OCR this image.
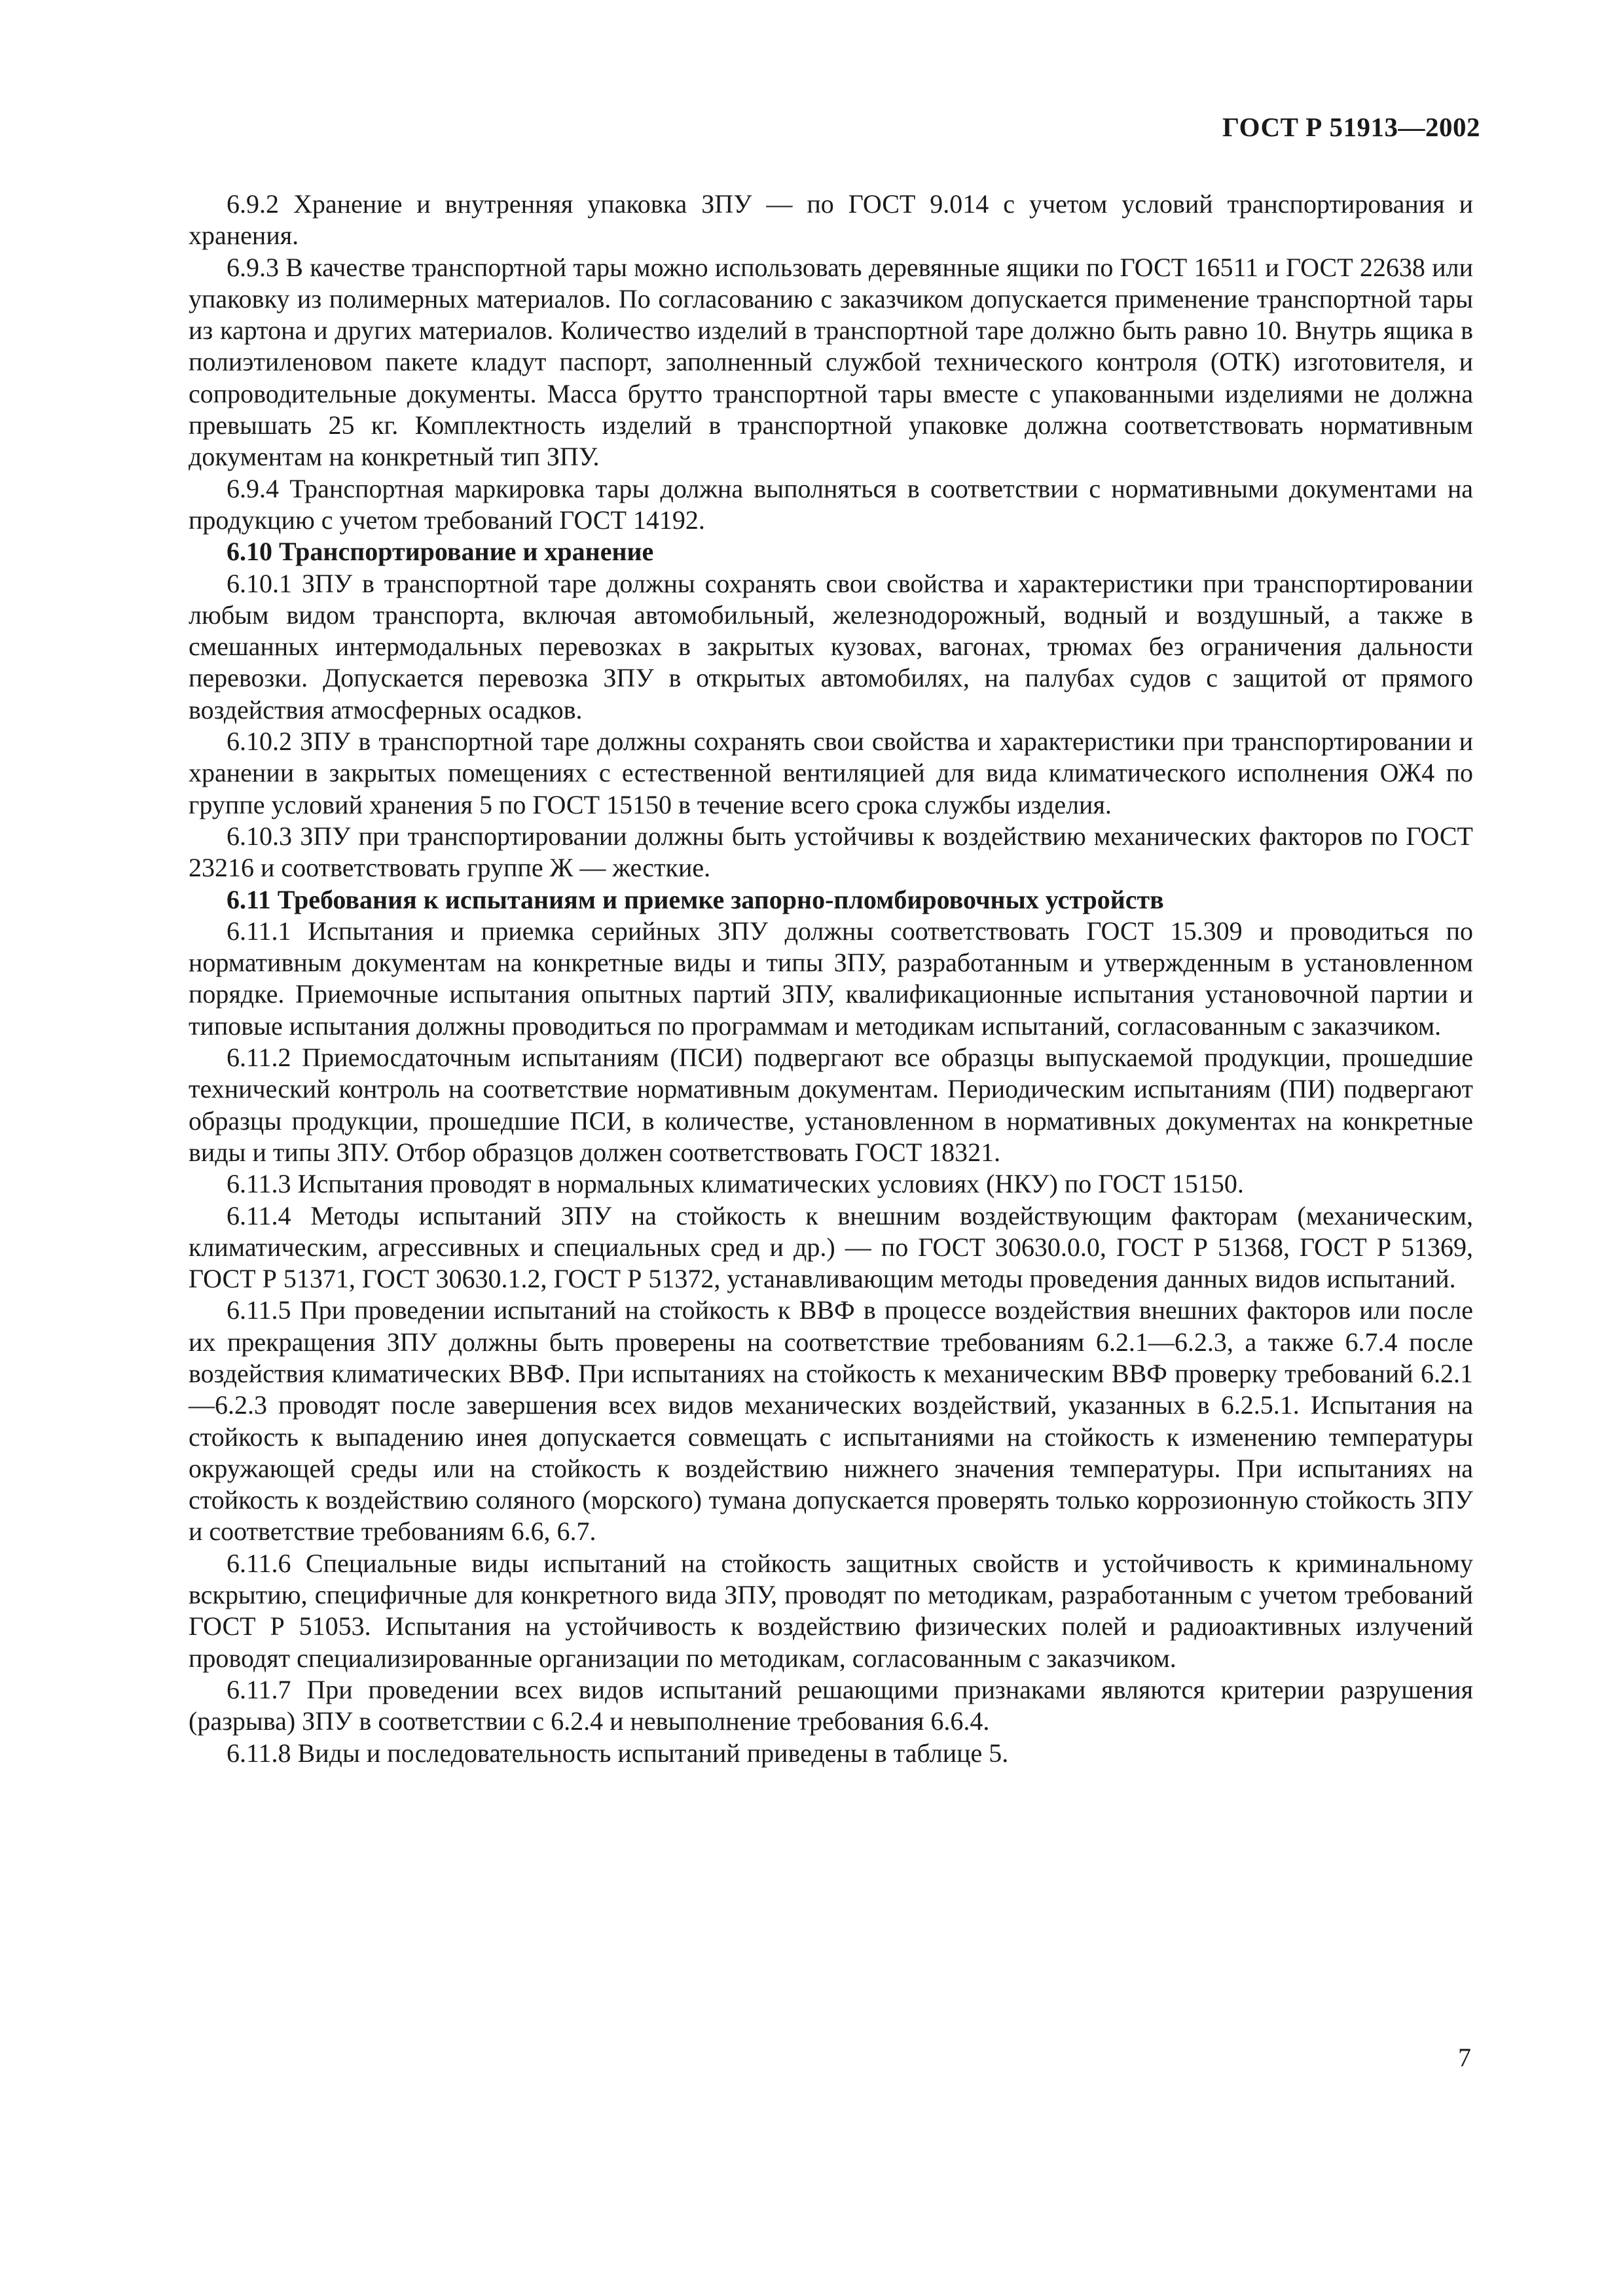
ГОСТ Р 51913—2002

6.9.2 Хранение и внутренняя упаковка ЗПУ — по ГОСТ 9.014 с учетом условий транспортирования и хранения.

6.9.3 В качестве транспортной тары можно использовать деревянные ящики по ГОСТ 16511 и ГОСТ 22638 или упаковку из полимерных материалов. По согласованию с заказчиком допускается применение транспортной тары из картона и других материалов. Количество изделий в транспортной таре должно быть равно 10. Внутрь ящика в полиэтиленовом пакете кладут паспорт, заполненный службой технического контроля (ОТК) изготовителя, и сопроводительные документы. Масса брутто транспортной тары вместе с упакованными изделиями не должна превышать 25 кг. Комплектность изделий в транспортной упаковке должна соответствовать нормативным документам на конкретный тип ЗПУ.

6.9.4 Транспортная маркировка тары должна выполняться в соответствии с нормативными документами на продукцию с учетом требований ГОСТ 14192.

6.10 Транспортирование и хранение

6.10.1 ЗПУ в транспортной таре должны сохранять свои свойства и характеристики при транспортировании любым видом транспорта, включая автомобильный, железнодорожный, водный и воздушный, а также в смешанных интермодальных перевозках в закрытых кузовах, вагонах, трюмах без ограничения дальности перевозки. Допускается перевозка ЗПУ в открытых автомобилях, на палубах судов с защитой от прямого воздействия атмосферных осадков.

6.10.2 ЗПУ в транспортной таре должны сохранять свои свойства и характеристики при транспортировании и хранении в закрытых помещениях с естественной вентиляцией для вида климатического исполнения ОЖ4 по группе условий хранения 5 по ГОСТ 15150 в течение всего срока службы изделия.

6.10.3 ЗПУ при транспортировании должны быть устойчивы к воздействию механических факторов по ГОСТ 23216 и соответствовать группе Ж — жесткие.

6.11 Требования к испытаниям и приемке запорно-пломбировочных устройств

6.11.1 Испытания и приемка серийных ЗПУ должны соответствовать ГОСТ 15.309 и проводиться по нормативным документам на конкретные виды и типы ЗПУ, разработанным и утвержденным в установленном порядке. Приемочные испытания опытных партий ЗПУ, квалификационные испытания установочной партии и типовые испытания должны проводиться по программам и методикам испытаний, согласованным с заказчиком.

6.11.2 Приемосдаточным испытаниям (ПСИ) подвергают все образцы выпускаемой продукции, прошедшие технический контроль на соответствие нормативным документам. Периодическим испытаниям (ПИ) подвергают образцы продукции, прошедшие ПСИ, в количестве, установленном в нормативных документах на конкретные виды и типы ЗПУ. Отбор образцов должен соответствовать ГОСТ 18321.

6.11.3 Испытания проводят в нормальных климатических условиях (НКУ) по ГОСТ 15150.

6.11.4 Методы испытаний ЗПУ на стойкость к внешним воздействующим факторам (механическим, климатическим, агрессивных и специальных сред и др.) — по ГОСТ 30630.0.0, ГОСТ Р 51368, ГОСТ Р 51369, ГОСТ Р 51371, ГОСТ 30630.1.2, ГОСТ Р 51372, устанавливающим методы проведения данных видов испытаний.

6.11.5 При проведении испытаний на стойкость к ВВФ в процессе воздействия внешних факторов или после их прекращения ЗПУ должны быть проверены на соответствие требованиям 6.2.1—6.2.3, а также 6.7.4 после воздействия климатических ВВФ. При испытаниях на стойкость к механическим ВВФ проверку требований 6.2.1—6.2.3 проводят после завершения всех видов механических воздействий, указанных в 6.2.5.1. Испытания на стойкость к выпадению инея допускается совмещать с испытаниями на стойкость к изменению температуры окружающей среды или на стойкость к воздействию нижнего значения температуры. При испытаниях на стойкость к воздействию соляного (морского) тумана допускается проверять только коррозионную стойкость ЗПУ и соответствие требованиям 6.6, 6.7.

6.11.6 Специальные виды испытаний на стойкость защитных свойств и устойчивость к криминальному вскрытию, специфичные для конкретного вида ЗПУ, проводят по методикам, разработанным с учетом требований ГОСТ Р 51053. Испытания на устойчивость к воздействию физических полей и радиоактивных излучений проводят специализированные организации по методикам, согласованным с заказчиком.

6.11.7 При проведении всех видов испытаний решающими признаками являются критерии разрушения (разрыва) ЗПУ в соответствии с 6.2.4 и невыполнение требования 6.6.4.

6.11.8 Виды и последовательность испытаний приведены в таблице 5.

7
